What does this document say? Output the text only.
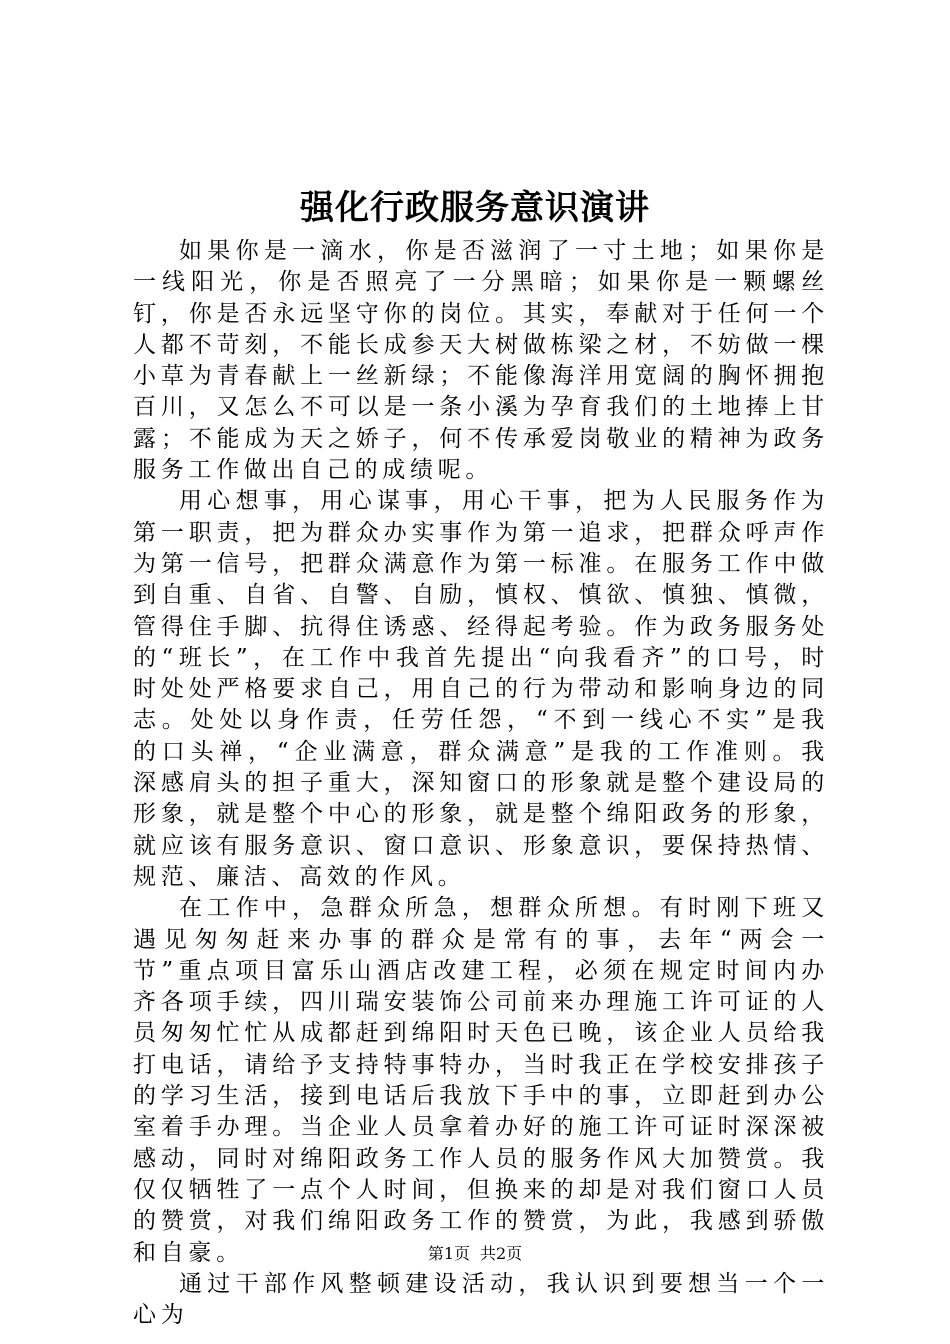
强化行政服务意识演讲

如果你是一滴水，你是否滋润了一寸土地；如果你是一线阳光，你是否照亮了一分黑暗；如果你是一颗螺丝钉，你是否永远坚守你的岗位。其实，奉献对于任何一个人都不苛刻，不能长成参天大树做栋梁之材，不妨做一棵小草为青春献上一丝新绿；不能像海洋用宽阔的胸怀拥抱百川，又怎么不可以是一条小溪为孕育我们的土地捧上甘露；不能成为天之娇子，何不传承爱岗敬业的精神为政务服务工作做出自己的成绩呢。

用心想事，用心谋事，用心干事，把为人民服务作为第一职责，把为群众办实事作为第一追求，把群众呼声作为第一信号，把群众满意作为第一标准。在服务工作中做到自重、自省、自警、自励，慎权、慎欲、慎独、慎微，管得住手脚、抗得住诱惑、经得起考验。作为政务服务处的“班长”，在工作中我首先提出“向我看齐”的口号，时时处处严格要求自己，用自己的行为带动和影响身边的同志。处处以身作责，任劳任怨，“不到一线心不实”是我的口头禅，“企业满意，群众满意”是我的工作准则。我深感肩头的担子重大，深知窗口的形象就是整个建设局的形象，就是整个中心的形象，就是整个绵阳政务的形象，就应该有服务意识、窗口意识、形象意识，要保持热情、规范、廉洁、高效的作风。

在工作中，急群众所急，想群众所想。有时刚下班又遇见匆匆赶来办事的群众是常有的事，去年“两会一节”重点项目富乐山酒店改建工程，必须在规定时间内办齐各项手续，四川瑞安装饰公司前来办理施工许可证的人员匆匆忙忙从成都赶到绵阳时天色已晚，该企业人员给我打电话，请给予支持特事特办，当时我正在学校安排孩子的学习生活，接到电话后我放下手中的事，立即赶到办公室着手办理。当企业人员拿着办好的施工许可证时深深被感动，同时对绵阳政务工作人员的服务作风大加赞赏。我仅仅牺牲了一点个人时间，但换来的却是对我们窗口人员的赞赏，对我们绵阳政务工作的赞赏，为此，我感到骄傲和自豪。

通过干部作风整顿建设活动，我认识到要想当一个一心为

第1页 共2页
